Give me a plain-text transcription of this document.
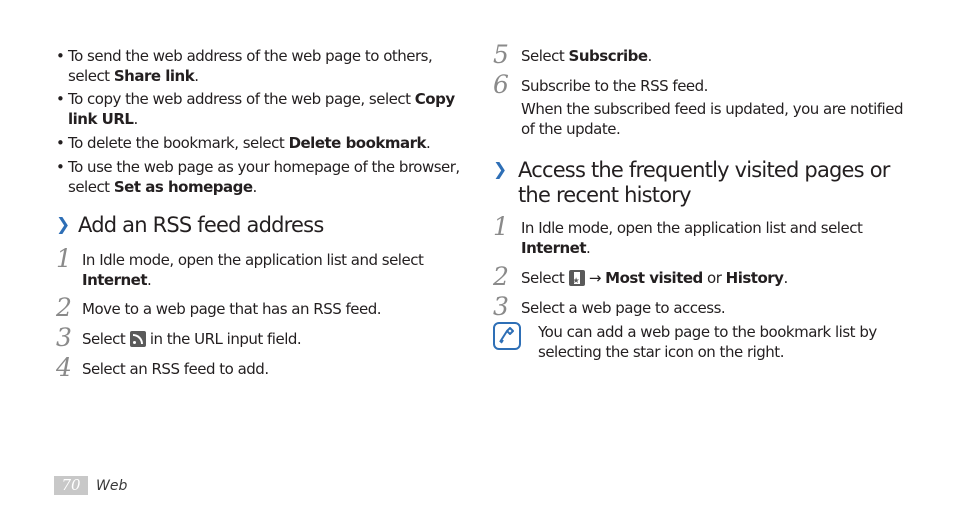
• To send the web address of the web page to others, select Share link.
• To copy the web address of the web page, select Copy link URL.
• To delete the bookmark, select Delete bookmark.
• To use the web page as your homepage of the browser, select Set as homepage.
❯ Add an RSS feed address
1 In Idle mode, open the application list and select Internet.
2 Move to a web page that has an RSS feed.
3 Select  in the URL input field.
4 Select an RSS feed to add.
5 Select Subscribe.
6 Subscribe to the RSS feed.
When the subscribed feed is updated, you are notified of the update.
❯ Access the frequently visited pages or the recent history
1 In Idle mode, open the application list and select Internet.
2 Select ★ → Most visited or History.
3 Select a web page to access.
You can add a web page to the bookmark list by selecting the star icon on the right.
70	Web
